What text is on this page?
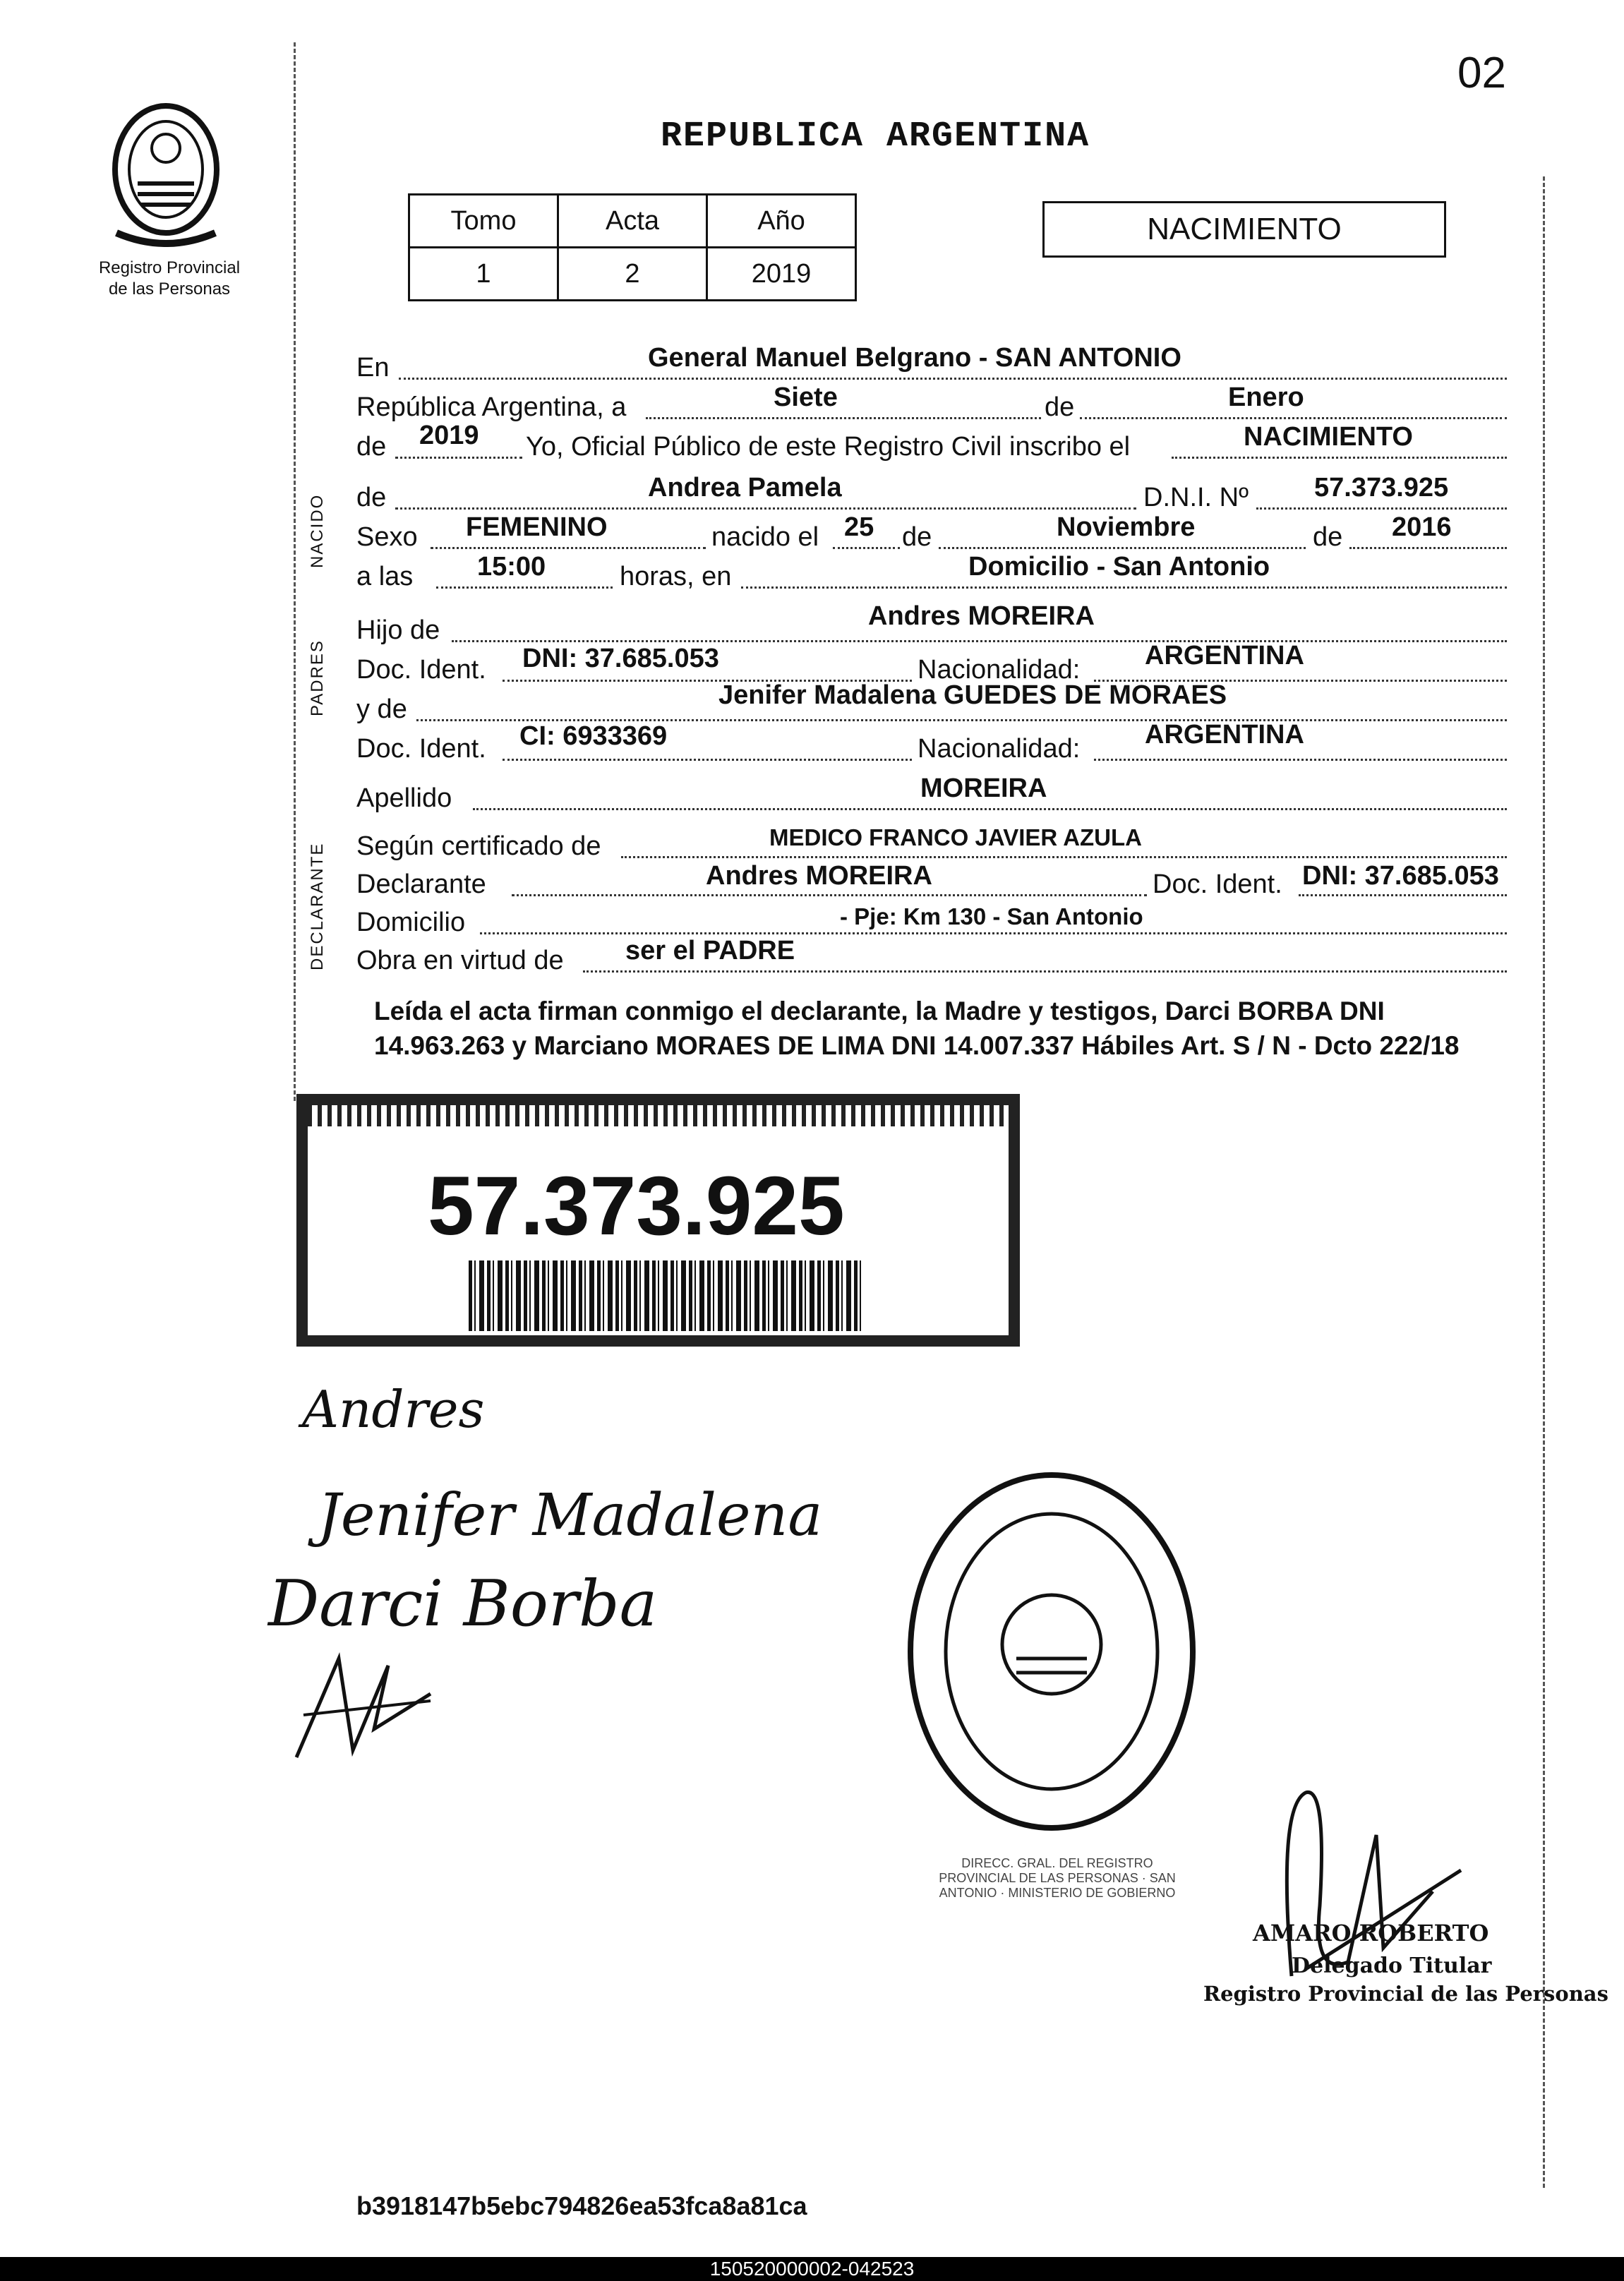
02
Registro Provincial
de las Personas
REPUBLICA ARGENTINA
Tomo	Acta	Año
1	2	2019
NACIMIENTO
NACIDO
PADRES
DECLARANTE
En	General Manuel Belgrano - SAN ANTONIO
República Argentina, a	Siete	de	Enero
de 2019 Yo, Oficial Público de este Registro Civil inscribo el	NACIMIENTO
de	Andrea Pamela	D.N.I. Nº 57.373.925
Sexo FEMENINO	nacido el 25 de	Noviembre	de 2016
a las 15:00	horas, en	Domicilio - San Antonio
Hijo de	Andres MOREIRA
Doc. Ident. DNI: 37.685.053	Nacionalidad: ARGENTINA
y de	Jenifer Madalena GUEDES DE MORAES
Doc. Ident. CI: 6933369	Nacionalidad: ARGENTINA
Apellido	MOREIRA
Según certificado de	MEDICO FRANCO JAVIER AZULA
Declarante	Andres MOREIRA	Doc. Ident. DNI: 37.685.053
Domicilio	- Pje: Km 130 - San Antonio
Obra en virtud de ser el PADRE
Leída el acta firman conmigo el declarante, la Madre y testigos, Darci BORBA DNI 14.963.263 y Marciano MORAES DE LIMA DNI 14.007.337 Hábiles Art. S / N - Dcto 222/18
57.373.925
Andres
Jenifer Madalena
Darci Borba
DIRECC. GRAL. DEL REGISTRO PROVINCIAL DE LAS PERSONAS · SAN ANTONIO · MINISTERIO DE GOBIERNO
AMARO ROBERTO
Delegado Titular
Registro Provincial de las Personas
b3918147b5ebc794826ea53fca8a81ca
150520000002-042523
